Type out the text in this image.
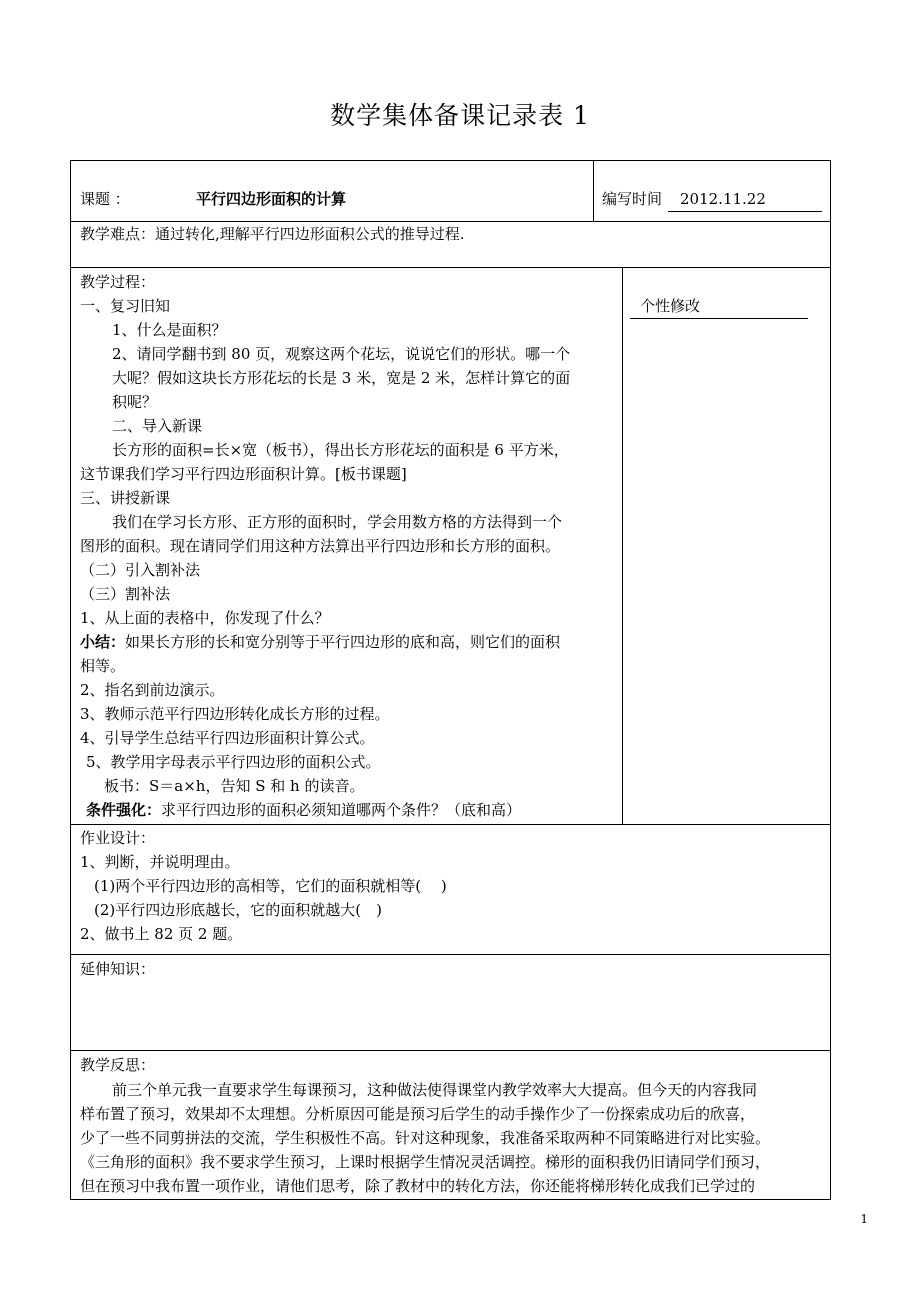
数学集体备课记录表 1
课题 ：	平行四边形面积的计算	编写时间	2012.11.22
教学难点：通过转化,理解平行四边形面积公式的推导过程.
教学过程：
个性修改
一、复习旧知
1、什么是面积？
2、请同学翻书到 80 页，观察这两个花坛，说说它们的形状。哪一个
大呢？假如这块长方形花坛的长是 3 米，宽是 2 米，怎样计算它的面
积呢？
二、导入新课
长方形的面积=长×宽（板书），得出长方形花坛的面积是 6 平方米，
这节课我们学习平行四边形面积计算。[板书课题]
三、讲授新课
我们在学习长方形、正方形的面积时，学会用数方格的方法得到一个
图形的面积。现在请同学们用这种方法算出平行四边形和长方形的面积。
（二）引入割补法
（三）割补法
1、从上面的表格中，你发现了什么？
小结：如果长方形的长和宽分别等于平行四边形的底和高，则它们的面积
相等。
2、指名到前边演示。
3、教师示范平行四边形转化成长方形的过程。
4、引导学生总结平行四边形面积计算公式。
5、教学用字母表示平行四边形的面积公式。
板书：S＝a×h，告知 S 和 h 的读音。
条件强化：求平行四边形的面积必须知道哪两个条件？（底和高）
作业设计：
1、判断，并说明理由。
(1)两个平行四边形的高相等，它们的面积就相等(　 )
(2)平行四边形底越长，它的面积就越大(　)
2、做书上 82 页 2 题。
延伸知识：
教学反思：
前三个单元我一直要求学生每课预习，这种做法使得课堂内教学效率大大提高。但今天的内容我同
样布置了预习，效果却不太理想。分析原因可能是预习后学生的动手操作少了一份探索成功后的欣喜，
少了一些不同剪拼法的交流，学生积极性不高。针对这种现象，我准备采取两种不同策略进行对比实验。
《三角形的面积》我不要求学生预习，上课时根据学生情况灵活调控。梯形的面积我仍旧请同学们预习，
但在预习中我布置一项作业，请他们思考，除了教材中的转化方法，你还能将梯形转化成我们已学过的
1
